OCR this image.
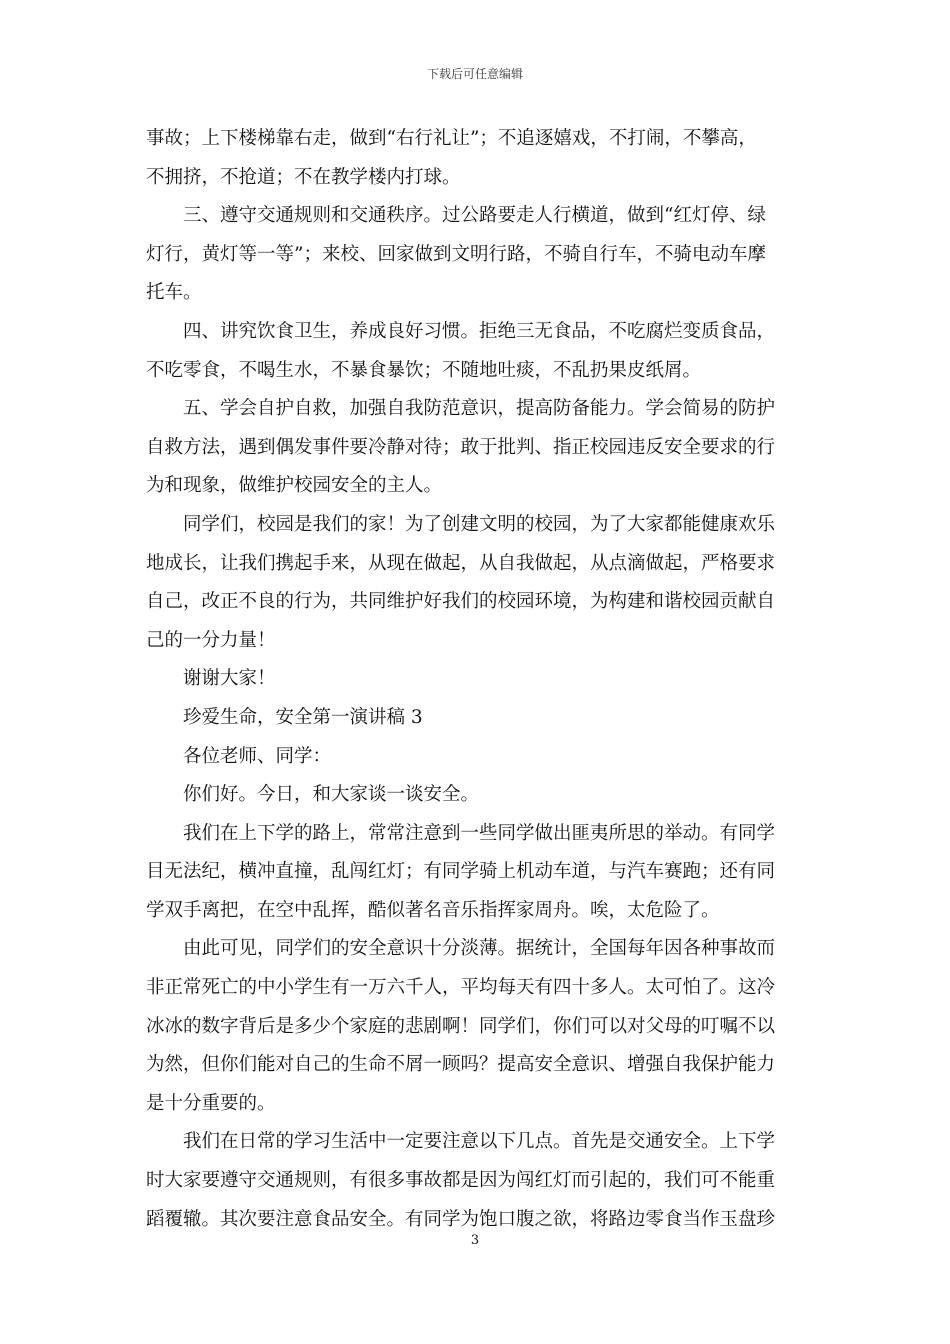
下载后可任意编辑
事故；上下楼梯靠右走，做到“右行礼让”；不追逐嬉戏，不打闹，不攀高，
不拥挤，不抢道；不在教学楼内打球。
三、遵守交通规则和交通秩序。过公路要走人行横道，做到“红灯停、绿
灯行，黄灯等一等”；来校、回家做到文明行路，不骑自行车，不骑电动车摩
托车。
四、讲究饮食卫生，养成良好习惯。拒绝三无食品，不吃腐烂变质食品，
不吃零食，不喝生水，不暴食暴饮；不随地吐痰，不乱扔果皮纸屑。
五、学会自护自救，加强自我防范意识，提高防备能力。学会简易的防护
自救方法，遇到偶发事件要冷静对待；敢于批判、指正校园违反安全要求的行
为和现象，做维护校园安全的主人。
同学们，校园是我们的家！为了创建文明的校园，为了大家都能健康欢乐
地成长，让我们携起手来，从现在做起，从自我做起，从点滴做起，严格要求
自己，改正不良的行为，共同维护好我们的校园环境，为构建和谐校园贡献自
己的一分力量！
谢谢大家！
珍爱生命，安全第一演讲稿 3
各位老师、同学：
你们好。今日，和大家谈一谈安全。
我们在上下学的路上，常常注意到一些同学做出匪夷所思的举动。有同学
目无法纪，横冲直撞，乱闯红灯；有同学骑上机动车道，与汽车赛跑；还有同
学双手离把，在空中乱挥，酷似著名音乐指挥家周舟。唉，太危险了。
由此可见，同学们的安全意识十分淡薄。据统计，全国每年因各种事故而
非正常死亡的中小学生有一万六千人，平均每天有四十多人。太可怕了。这冷
冰冰的数字背后是多少个家庭的悲剧啊！同学们，你们可以对父母的叮嘱不以
为然，但你们能对自己的生命不屑一顾吗？提高安全意识、增强自我保护能力
是十分重要的。
我们在日常的学习生活中一定要注意以下几点。首先是交通安全。上下学
时大家要遵守交通规则，有很多事故都是因为闯红灯而引起的，我们可不能重
蹈覆辙。其次要注意食品安全。有同学为饱口腹之欲，将路边零食当作玉盘珍
3
